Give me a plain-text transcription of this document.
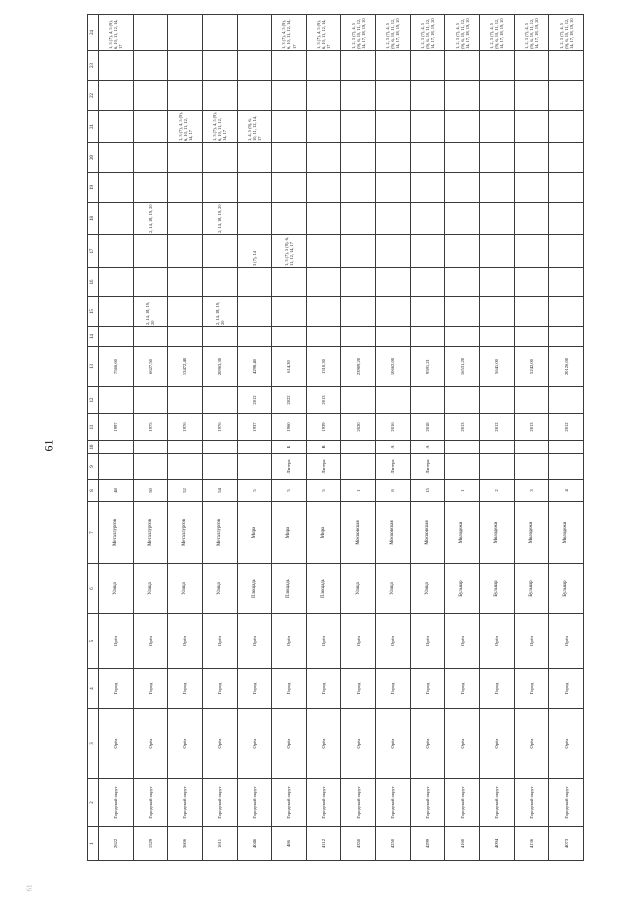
61
61
1	2	3	4	5	6	7	8	9	10	11	12	13	14	15	16	17	18	19	20	21	22	23	24
2622	Городской округ	Орёл	Город	Орёл	Улица	Металлургов	48			1997		7566,60											1, 3 (7), 4, 5 (9), 6, 10, 11, 12, 14, 17
1529	Городской округ	Орёл	Город	Орёл	Улица	Металлургов	50			1975		6627,50		2, 14, 18, 19, 20			2, 14, 18, 19, 20						
3606	Городской округ	Орёл	Город	Орёл	Улица	Металлургов	52			1976		13472,40								1, 3 (7), 4, 5 (9), 6, 10, 11, 12, 14, 17			
1611	Городской округ	Орёл	Город	Орёл	Улица	Металлургов	54			1976		20963,30		2, 14, 18, 19, 20			2, 14, 18, 19, 20			1, 3 (7), 4, 5 (9), 6, 10, 11, 12, 14, 17			
4046	Городской округ	Орёл	Город	Орёл	Площадь	Мира	5			1937	2012	4298,40				3 (7), 14				1, 4, 5 (9), 6, 10, 11, 12, 14, 17			
486	Городской округ	Орёл	Город	Орёл	Площадь	Мира	5	Литера	Б	1960	2022	614,30				1, 3 (7), 5 (9), 6, 11, 12, 14, 17							1, 3 (7), 4, 5 (9), 6, 10, 11, 12, 14, 17
4112	Городской округ	Орёл	Город	Орёл	Площадь	Мира	5	Литера	В	1939	2013	1310,30											1, 3 (7), 4, 5 (9), 6, 10, 11, 12, 14, 17
4350	Городской округ	Орёл	Город	Орёл	Улица	Московская	1			2020		23909,20											1, 2, 3 (7), 4, 5 (9), 6, 10, 11, 12, 14, 17, 18, 19, 20
4250	Городской округ	Орёл	Город	Орёл	Улица	Московская	8	Литера	А	2016		10662,00											1, 2, 3 (7), 4, 5 (9), 6, 10, 11, 12, 14, 17, 18, 19, 20
4299	Городской округ	Орёл	Город	Орёл	Улица	Московская	15	Литера	А	2018		9591,21											1, 2, 3 (7), 4, 5 (9), 6, 10, 11, 12, 14, 17, 18, 19, 20
4160	Городской округ	Орёл	Город	Орёл	Бульвар	Молодежи	1			2013		16531,20											1, 2, 3 (7), 4, 5 (9), 6, 10, 11, 12, 14, 17, 18, 19, 20
4094	Городской округ	Орёл	Город	Орёл	Бульвар	Молодежи	2			2012		5641,00											1, 2, 3 (7), 4, 5 (9), 6, 10, 11, 12, 14, 17, 18, 19, 20
4136	Городской округ	Орёл	Город	Орёл	Бульвар	Молодежи	3			2013		5242,00											1, 2, 3 (7), 4, 5 (9), 6, 10, 11, 12, 14, 17, 18, 19, 20
4073	Городской округ	Орёл	Город	Орёл	Бульвар	Молодежи	4			2012		20126,00											1, 2, 3 (7), 4, 5 (9), 6, 10, 11, 12, 14, 17, 18, 19, 20
